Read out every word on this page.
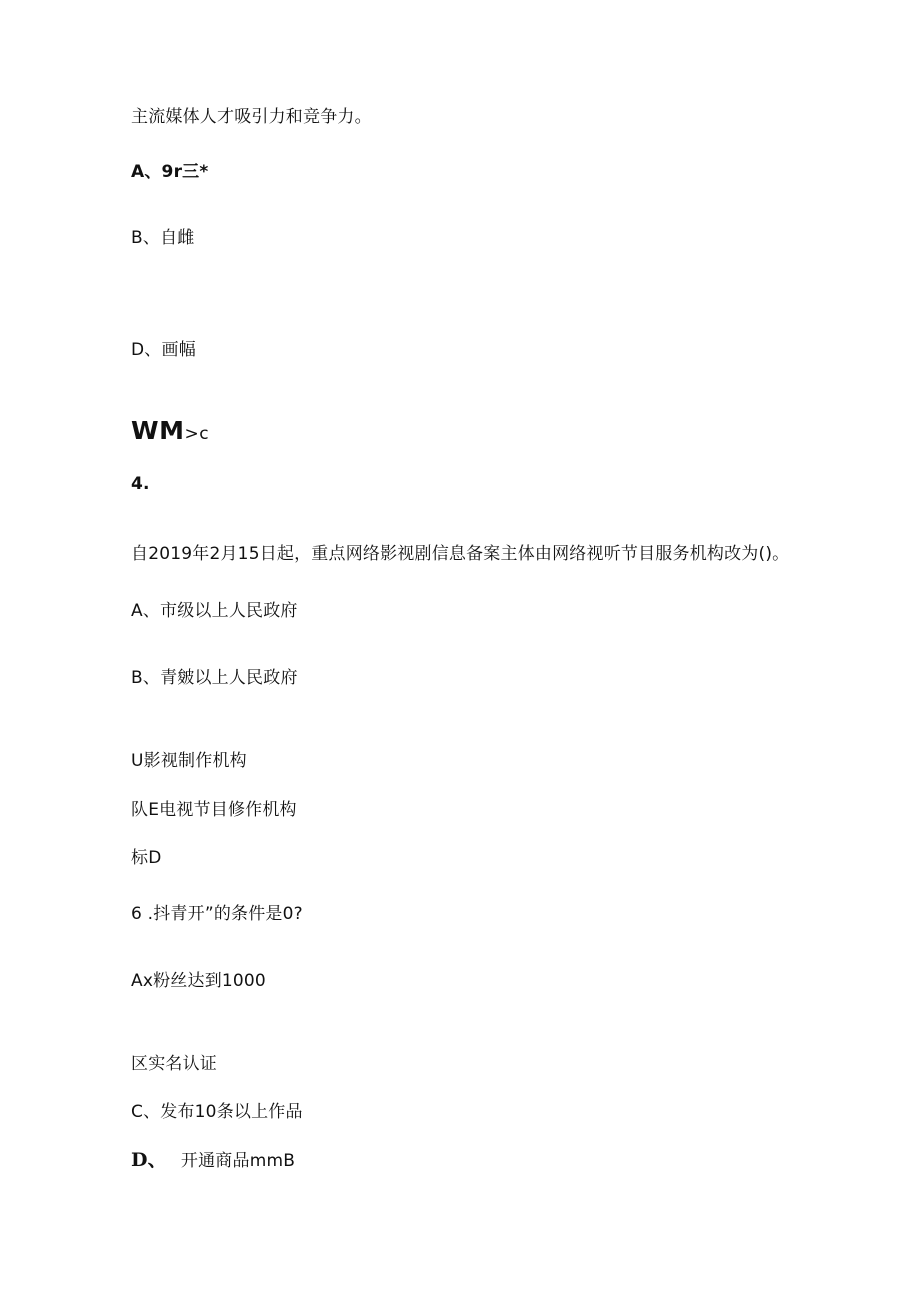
主流媒体人才吸引力和竞争力。
A、9r三*
B、自雌
D、画幅
WM>c
4.
自2019年2月15日起，重点网络影视剧信息备案主体由网络视听节目服务机构改为()。
A、市级以上人民政府
B、青皴以上人民政府
U影视制作机构
队E电视节目修作机构
标D
6 .抖青开”的条件是0?
Ax粉丝达到1000
区实名认证
C、发布10条以上作品
D、 开通商品mmB
